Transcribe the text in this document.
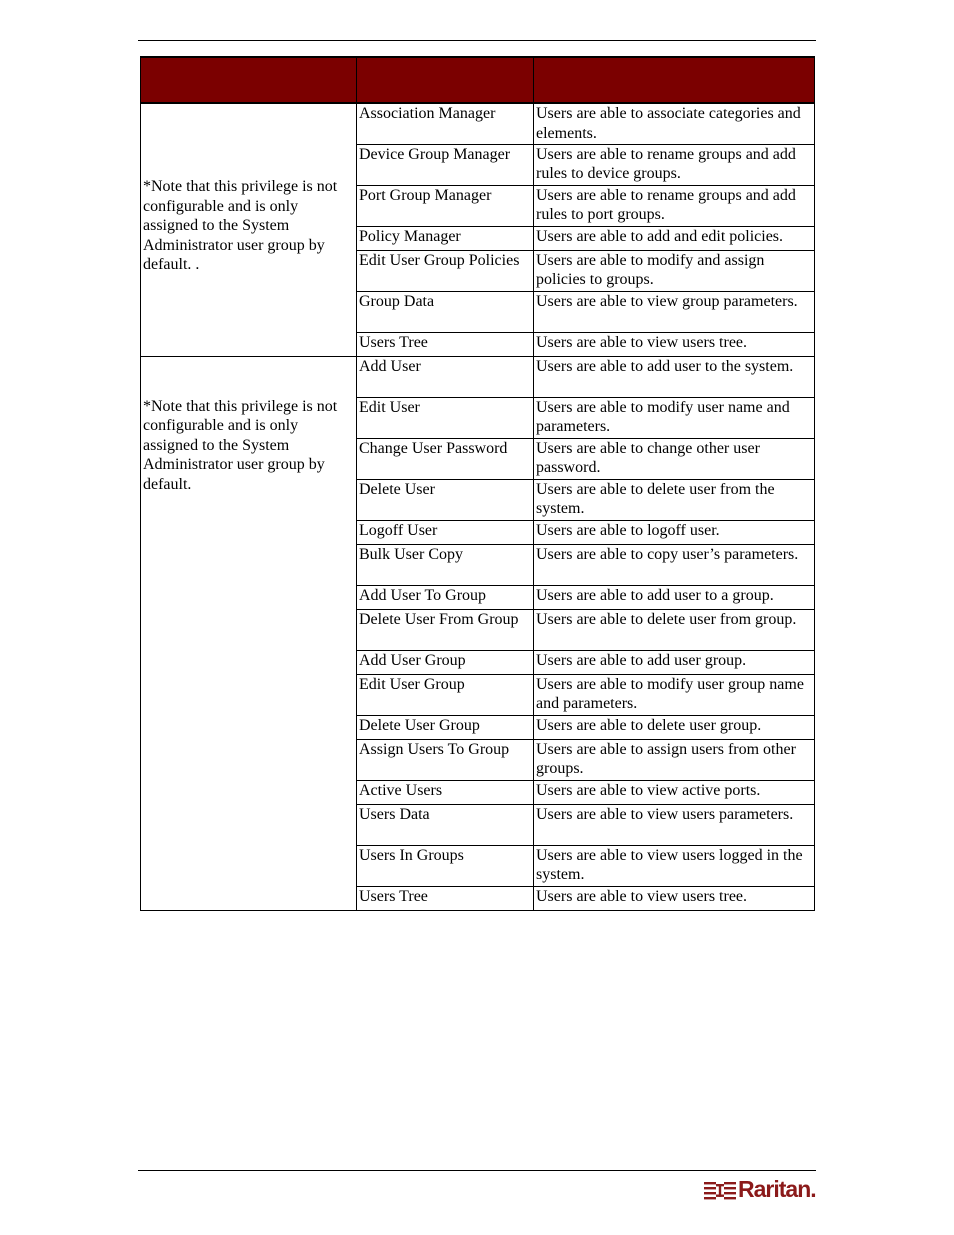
*Note that this privilege is not configurable and is only assigned to the System Administrator user group by default. .	Association Manager	Users are able to associate categories and elements.
	Device Group Manager	Users are able to rename groups and add rules to device groups.
	Port Group Manager	Users are able to rename groups and add rules to port groups.
	Policy Manager	Users are able to add and edit policies.
	Edit User Group Policies	Users are able to modify and assign policies to groups.
	Group Data	Users are able to view group parameters.
	Users Tree	Users are able to view users tree.

*Note that this privilege is not configurable and is only assigned to the System Administrator user group by default.	Add User	Users are able to add user to the system.
	Edit User	Users are able to modify user name and parameters.
	Change User Password	Users are able to change other user password.
	Delete User	Users are able to delete user from the system.
	Logoff User	Users are able to logoff user.
	Bulk User Copy	Users are able to copy user’s parameters.
	Add User To Group	Users are able to add user to a group.
	Delete User From Group	Users are able to delete user from group.
	Add User Group	Users are able to add user group.
	Edit User Group	Users are able to modify user group name and parameters.
	Delete User Group	Users are able to delete user group.
	Assign Users To Group	Users are able to assign users from other groups.
	Active Users	Users are able to view active ports.
	Users Data	Users are able to view users parameters.
	Users In Groups	Users are able to view users logged in the system.
	Users Tree	Users are able to view users tree.
Raritan.
